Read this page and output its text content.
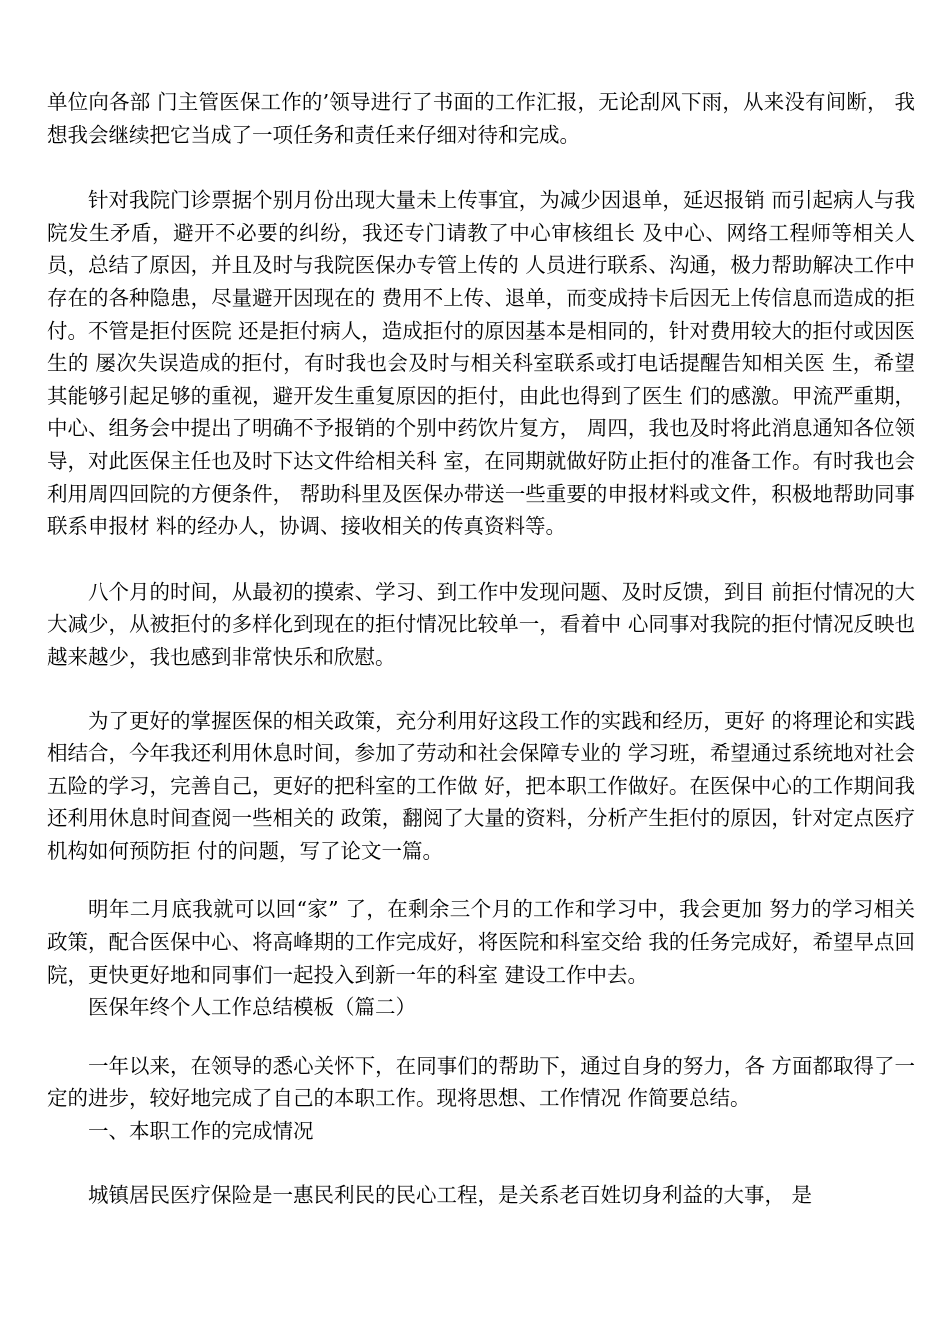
单位向各部 门主管医保工作的’领导进行了书面的工作汇报，无论刮风下雨，从来没有间断， 我想我会继续把它当成了一项任务和责任来仔细对待和完成。

针对我院门诊票据个别月份出现大量未上传事宜，为减少因退单，延迟报销 而引起病人与我院发生矛盾，避开不必要的纠纷，我还专门请教了中心审核组长 及中心、网络工程师等相关人员，总结了原因，并且及时与我院医保办专管上传的 人员进行联系、沟通，极力帮助解决工作中存在的各种隐患，尽量避开因现在的 费用不上传、退单，而变成持卡后因无上传信息而造成的拒付。不管是拒付医院 还是拒付病人，造成拒付的原因基本是相同的，针对费用较大的拒付或因医生的 屡次失误造成的拒付，有时我也会及时与相关科室联系或打电话提醒告知相关医 生，希望其能够引起足够的重视，避开发生重复原因的拒付，由此也得到了医生 们的感激。甲流严重期，中心、组务会中提出了明确不予报销的个别中药饮片复方， 周四，我也及时将此消息通知各位领导，对此医保主任也及时下达文件给相关科 室，在同期就做好防止拒付的准备工作。有时我也会利用周四回院的方便条件， 帮助科里及医保办带送一些重要的申报材料或文件，积极地帮助同事联系申报材 料的经办人，协调、接收相关的传真资料等。

八个月的时间，从最初的摸索、学习、到工作中发现问题、及时反馈，到目 前拒付情况的大大减少，从被拒付的多样化到现在的拒付情况比较单一，看着中 心同事对我院的拒付情况反映也越来越少，我也感到非常快乐和欣慰。

为了更好的掌握医保的相关政策，充分利用好这段工作的实践和经历，更好 的将理论和实践相结合，今年我还利用休息时间，参加了劳动和社会保障专业的 学习班，希望通过系统地对社会五险的学习，完善自己，更好的把科室的工作做 好，把本职工作做好。在医保中心的工作期间我还利用休息时间查阅一些相关的 政策，翻阅了大量的资料，分析产生拒付的原因，针对定点医疗机构如何预防拒 付的问题，写了论文一篇。

明年二月底我就可以回“家” 了，在剩余三个月的工作和学习中，我会更加 努力的学习相关政策，配合医保中心、将高峰期的工作完成好，将医院和科室交给 我的任务完成好，希望早点回院，更快更好地和同事们一起投入到新一年的科室 建设工作中去。

医保年终个人工作总结模板（篇二）

一年以来，在领导的悉心关怀下，在同事们的帮助下，通过自身的努力，各 方面都取得了一定的进步，较好地完成了自己的本职工作。现将思想、工作情况 作简要总结。

一、本职工作的完成情况

城镇居民医疗保险是一惠民利民的民心工程，是关系老百姓切身利益的大事， 是
